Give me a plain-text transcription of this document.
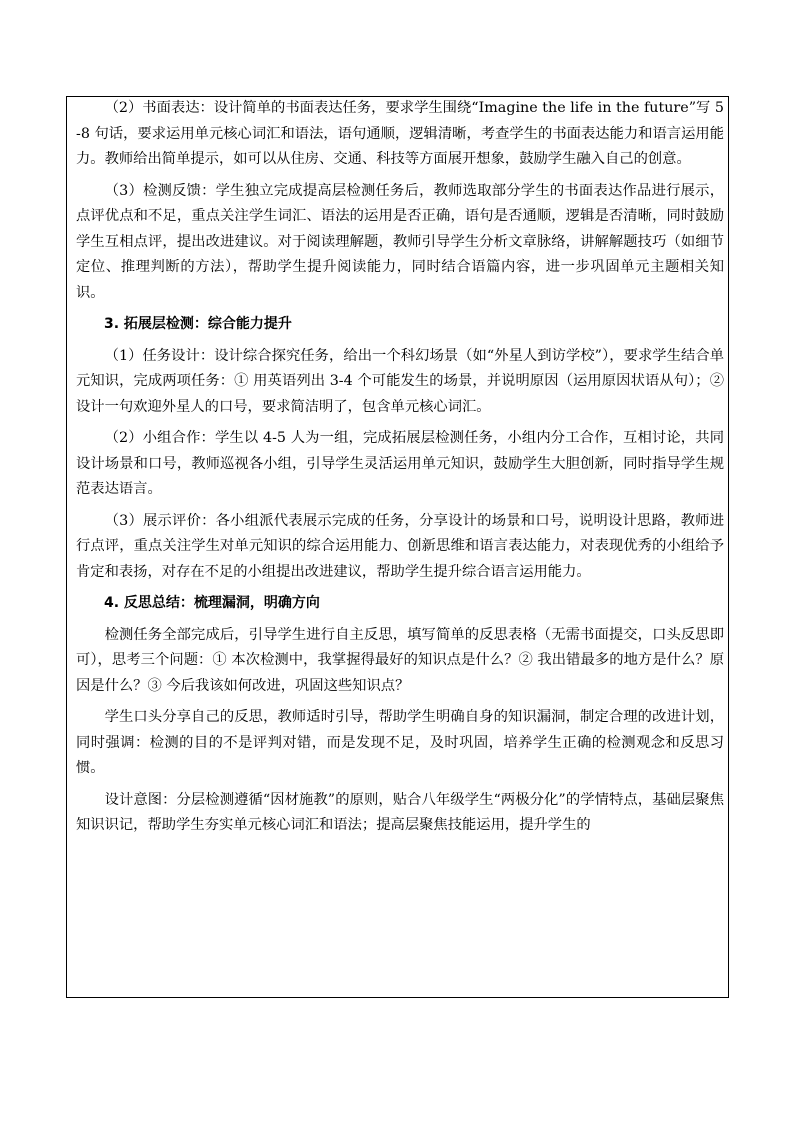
（2）书面表达：设计简单的书面表达任务，要求学生围绕“Imagine the life in the future”写 5-8 句话，要求运用单元核心词汇和语法，语句通顺，逻辑清晰，考查学生的书面表达能力和语言运用能力。教师给出简单提示，如可以从住房、交通、科技等方面展开想象，鼓励学生融入自己的创意。

（3）检测反馈：学生独立完成提高层检测任务后，教师选取部分学生的书面表达作品进行展示，点评优点和不足，重点关注学生词汇、语法的运用是否正确，语句是否通顺，逻辑是否清晰，同时鼓励学生互相点评，提出改进建议。对于阅读理解题，教师引导学生分析文章脉络，讲解解题技巧（如细节定位、推理判断的方法），帮助学生提升阅读能力，同时结合语篇内容，进一步巩固单元主题相关知识。

3. 拓展层检测：综合能力提升

（1）任务设计：设计综合探究任务，给出一个科幻场景（如“外星人到访学校”），要求学生结合单元知识，完成两项任务：① 用英语列出 3-4 个可能发生的场景，并说明原因（运用原因状语从句）；② 设计一句欢迎外星人的口号，要求简洁明了，包含单元核心词汇。

（2）小组合作：学生以 4-5 人为一组，完成拓展层检测任务，小组内分工合作，互相讨论，共同设计场景和口号，教师巡视各小组，引导学生灵活运用单元知识，鼓励学生大胆创新，同时指导学生规范表达语言。

（3）展示评价：各小组派代表展示完成的任务，分享设计的场景和口号，说明设计思路，教师进行点评，重点关注学生对单元知识的综合运用能力、创新思维和语言表达能力，对表现优秀的小组给予肯定和表扬，对存在不足的小组提出改进建议，帮助学生提升综合语言运用能力。

4. 反思总结：梳理漏洞，明确方向

检测任务全部完成后，引导学生进行自主反思，填写简单的反思表格（无需书面提交，口头反思即可），思考三个问题：① 本次检测中，我掌握得最好的知识点是什么？② 我出错最多的地方是什么？原因是什么？③ 今后我该如何改进，巩固这些知识点？

学生口头分享自己的反思，教师适时引导，帮助学生明确自身的知识漏洞，制定合理的改进计划，同时强调：检测的目的不是评判对错，而是发现不足，及时巩固，培养学生正确的检测观念和反思习惯。

设计意图：分层检测遵循“因材施教”的原则，贴合八年级学生“两极分化”的学情特点，基础层聚焦知识识记，帮助学生夯实单元核心词汇和语法；提高层聚焦技能运用，提升学生的
